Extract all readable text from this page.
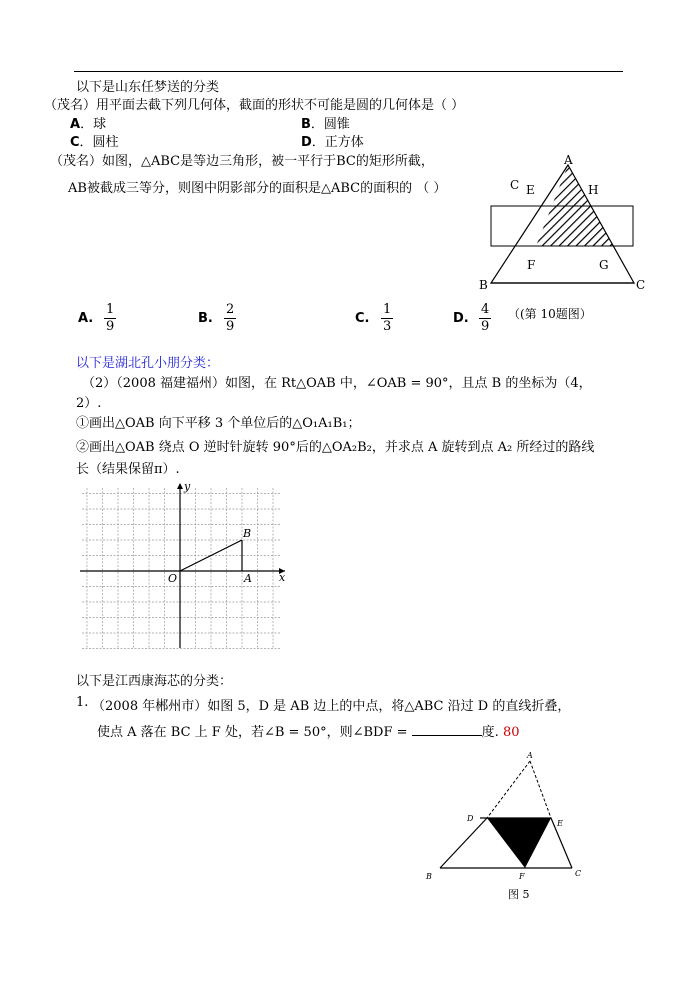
以下是山东任梦送的分类
（茂名）用平面去截下列几何体，截面的形状不可能是圆的几何体是（ ）
A．球	B．圆锥
C．圆柱	D．正方体
（茂名）如图，△ABC是等边三角形，被一平行于BC的矩形所截，
AB被截成三等分，则图中阴影部分的面积是△ABC的面积的 （ ）
A
C E	H
F	G
B	C
A.
1
9
B.
2
9
C.
1
3
D.
4
9
（(第 10题图）
以下是湖北孔小朋分类：
（2）（2008 福建福州）如图，在 Rt△OAB 中，∠OAB = 90°，且点 B 的坐标为（4，
2）.
①画出△OAB 向下平移 3 个单位后的△O₁A₁B₁；
②画出△OAB 绕点 O 逆时针旋转 90°后的△OA₂B₂，并求点 A 旋转到点 A₂ 所经过的路线
长（结果保留π）.
x
y
O	A
B
以下是江西康海芯的分类：
1. （2008 年郴州市）如图 5，D 是 AB 边上的中点，将△ABC 沿过 D 的直线折叠，
使点 A 落在 BC 上 F 处，若∠B = 50°，则∠BDF =	度. 80
A
D
E
B	F	C
图 5
